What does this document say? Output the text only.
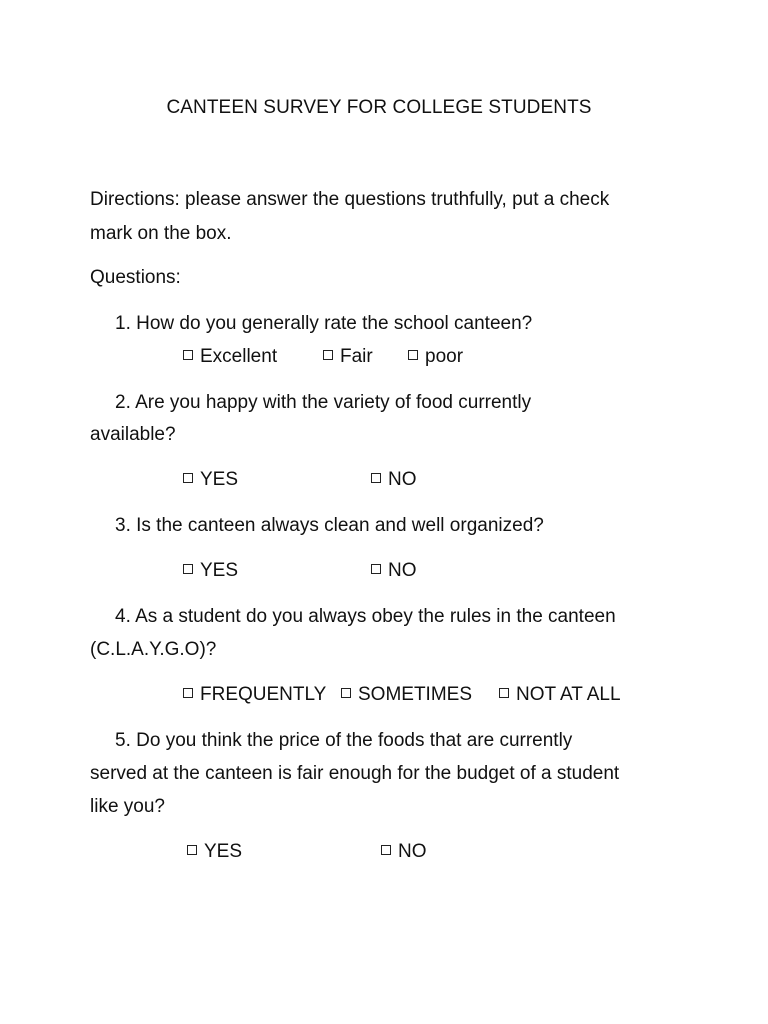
CANTEEN SURVEY FOR COLLEGE STUDENTS
Directions: please answer the questions truthfully, put a check
mark on the box.
Questions:
1. How do you generally rate the school canteen?
Excellent	Fair	poor
2. Are you happy with the variety of food currently
available?
YES	NO
3. Is the canteen always clean and well organized?
YES	NO
4. As a student do you always obey the rules in the canteen
(C.L.A.Y.G.O)?
FREQUENTLY	SOMETIMES	NOT AT ALL
5. Do you think the price of the foods that are currently
served at the canteen is fair enough for the budget of a student
like you?
YES	NO
